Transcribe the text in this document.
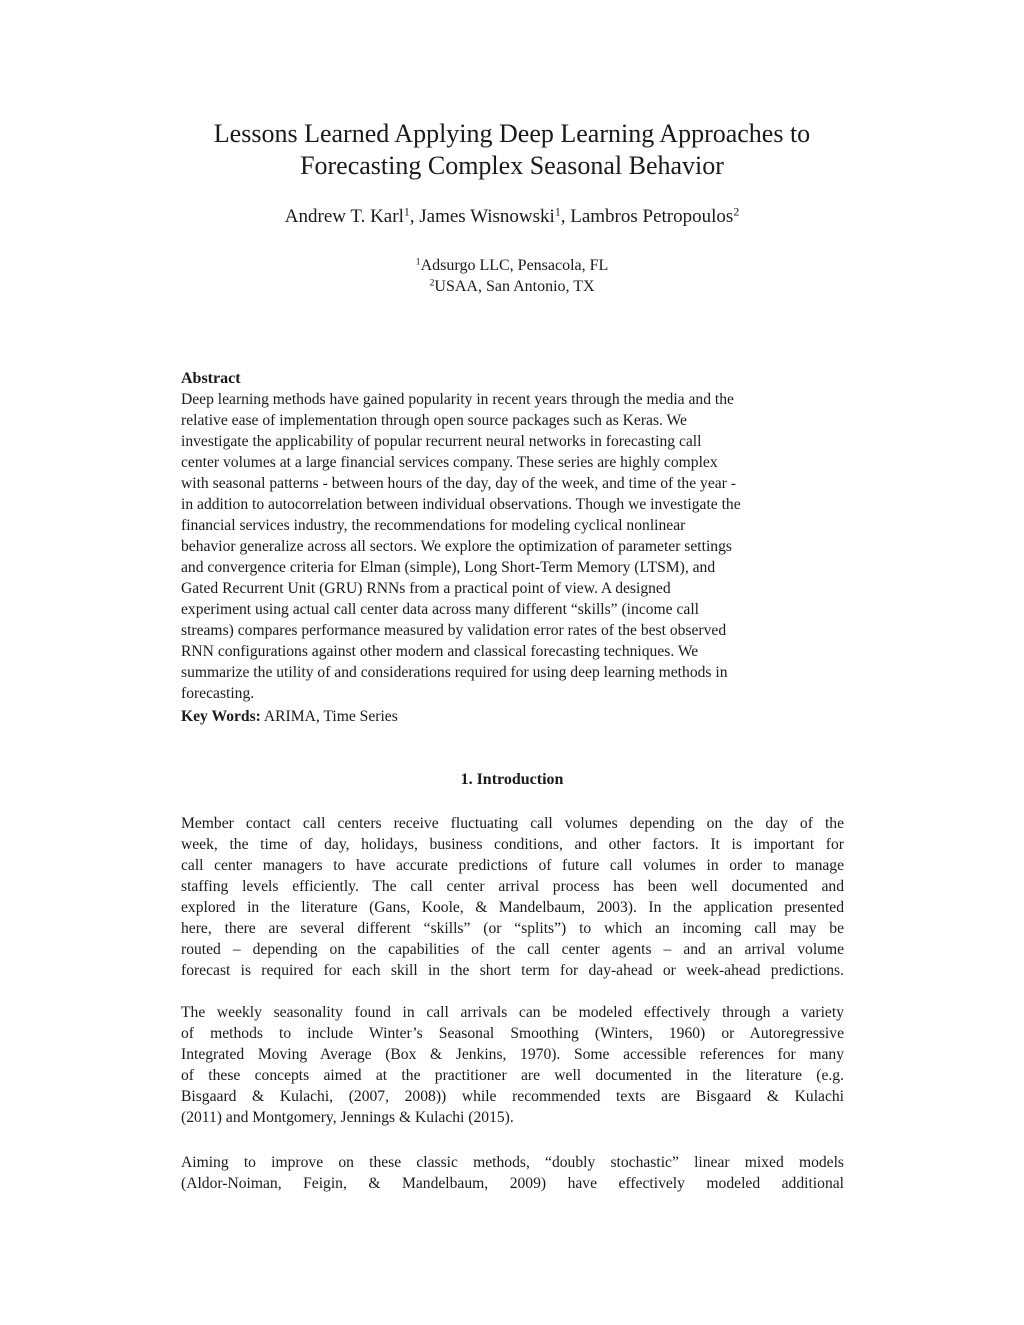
Lessons Learned Applying Deep Learning Approaches to
Forecasting Complex Seasonal Behavior
Andrew T. Karl$^1$, James Wisnowski$^1$, Lambros Petropoulos$^2$
$^1$Adsurgo LLC, Pensacola, FL
$^2$USAA, San Antonio, TX
Abstract
Deep learning methods have gained popularity in recent years through the media and the
relative ease of implementation through open source packages such as Keras. We
investigate the applicability of popular recurrent neural networks in forecasting call
center volumes at a large financial services company. These series are highly complex
with seasonal patterns - between hours of the day, day of the week, and time of the year -
in addition to autocorrelation between individual observations. Though we investigate the
financial services industry, the recommendations for modeling cyclical nonlinear
behavior generalize across all sectors. We explore the optimization of parameter settings
and convergence criteria for Elman (simple), Long Short-Term Memory (LTSM), and
Gated Recurrent Unit (GRU) RNNs from a practical point of view. A designed
experiment using actual call center data across many different “skills” (income call
streams) compares performance measured by validation error rates of the best observed
RNN configurations against other modern and classical forecasting techniques. We
summarize the utility of and considerations required for using deep learning methods in
forecasting.
Key Words: ARIMA, Time Series
1. Introduction
Member contact call centers receive fluctuating call volumes depending on the day of the
week, the time of day, holidays, business conditions, and other factors. It is important for
call center managers to have accurate predictions of future call volumes in order to manage
staffing levels efficiently. The call center arrival process has been well documented and
explored in the literature (Gans, Koole, & Mandelbaum, 2003). In the application presented
here, there are several different “skills” (or “splits”) to which an incoming call may be
routed – depending on the capabilities of the call center agents – and an arrival volume
forecast is required for each skill in the short term for day-ahead or week-ahead predictions.
The weekly seasonality found in call arrivals can be modeled effectively through a variety
of methods to include Winter’s Seasonal Smoothing (Winters, 1960) or Autoregressive
Integrated Moving Average (Box & Jenkins, 1970). Some accessible references for many
of these concepts aimed at the practitioner are well documented in the literature (e.g.
Bisgaard & Kulachi, (2007, 2008)) while recommended texts are Bisgaard & Kulachi
(2011) and Montgomery, Jennings & Kulachi (2015).
Aiming to improve on these classic methods, “doubly stochastic” linear mixed models
(Aldor-Noiman, Feigin, & Mandelbaum, 2009) have effectively modeled additional
